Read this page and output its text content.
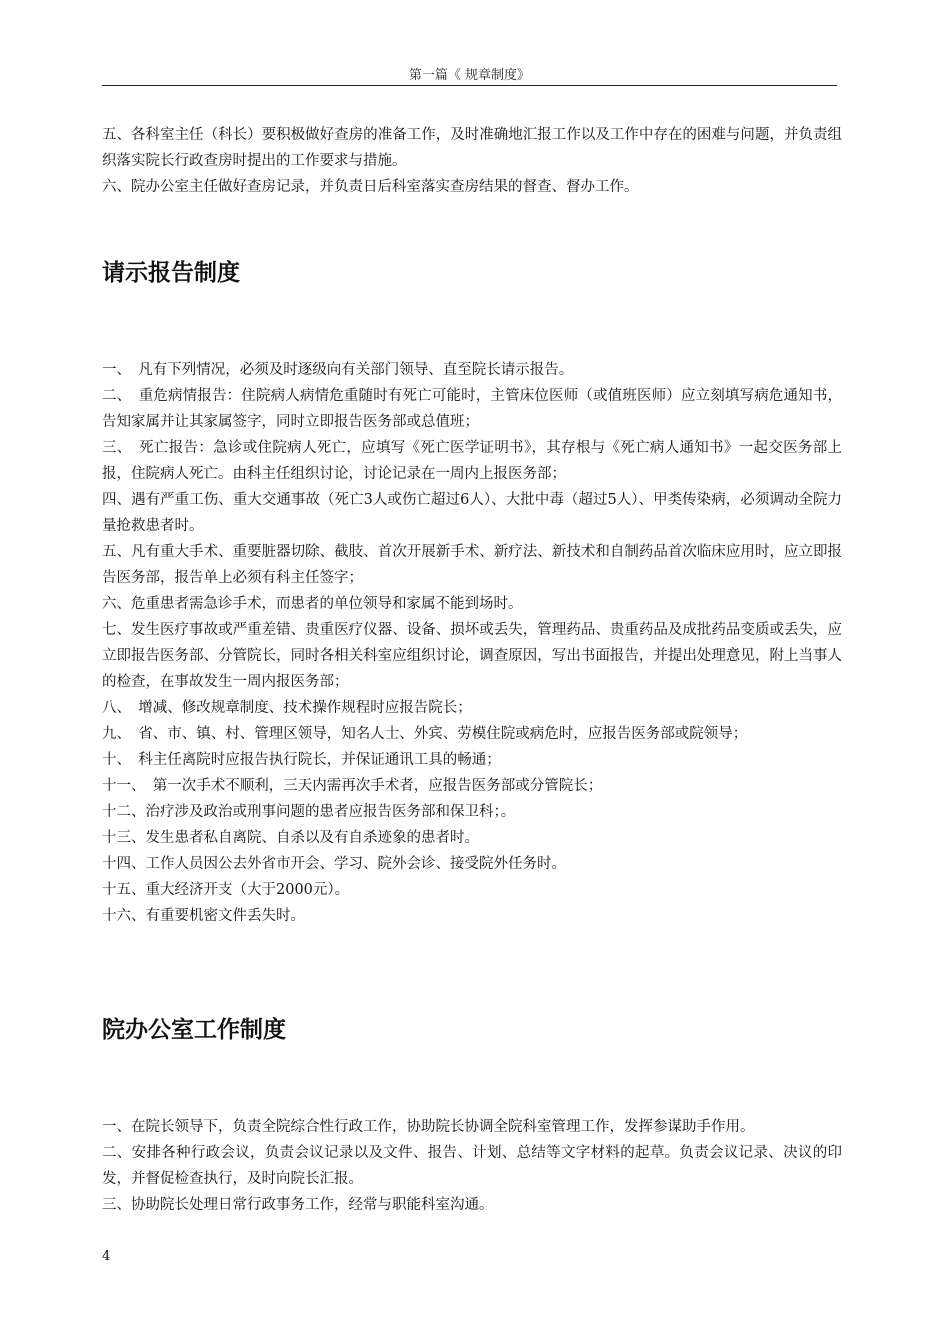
第一篇《 规章制度》

五、各科室主任（科长）要积极做好查房的准备工作，及时准确地汇报工作以及工作中存在的困难与问题，并负责组织落实院长行政查房时提出的工作要求与措施。

六、院办公室主任做好查房记录，并负责日后科室落实查房结果的督查、督办工作。

请示报告制度

一、　凡有下列情况，必须及时逐级向有关部门领导、直至院长请示报告。

二、　重危病情报告：住院病人病情危重随时有死亡可能时，主管床位医师（或值班医师）应立刻填写病危通知书，告知家属并让其家属签字，同时立即报告医务部或总值班；

三、　死亡报告：急诊或住院病人死亡，应填写《死亡医学证明书》，其存根与《死亡病人通知书》一起交医务部上报，住院病人死亡。由科主任组织讨论，讨论记录在一周内上报医务部；

四、遇有严重工伤、重大交通事故（死亡3人或伤亡超过6人）、大批中毒（超过5人）、甲类传染病，必须调动全院力量抢救患者时。

五、凡有重大手术、重要脏器切除、截肢、首次开展新手术、新疗法、新技术和自制药品首次临床应用时，应立即报告医务部，报告单上必须有科主任签字；

六、危重患者需急诊手术，而患者的单位领导和家属不能到场时。

七、发生医疗事故或严重差错、贵重医疗仪器、设备、损坏或丢失，管理药品、贵重药品及成批药品变质或丢失，应立即报告医务部、分管院长，同时各相关科室应组织讨论，调查原因，写出书面报告，并提出处理意见，附上当事人的检查，在事故发生一周内报医务部；

八、　增减、修改规章制度、技术操作规程时应报告院长；

九、　省、市、镇、村、管理区领导，知名人士、外宾、劳模住院或病危时，应报告医务部或院领导；

十、　科主任离院时应报告执行院长，并保证通讯工具的畅通；

十一、　第一次手术不顺利，三天内需再次手术者，应报告医务部或分管院长；

十二、治疗涉及政治或刑事问题的患者应报告医务部和保卫科；。

十三、发生患者私自离院、自杀以及有自杀迹象的患者时。

十四、工作人员因公去外省市开会、学习、院外会诊、接受院外任务时。

十五、重大经济开支（大于2000元）。

十六、有重要机密文件丢失时。

院办公室工作制度

一、在院长领导下，负责全院综合性行政工作，协助院长协调全院科室管理工作，发挥参谋助手作用。

二、安排各种行政会议，负责会议记录以及文件、报告、计划、总结等文字材料的起草。负责会议记录、决议的印发，并督促检查执行，及时向院长汇报。

三、协助院长处理日常行政事务工作，经常与职能科室沟通。

4
